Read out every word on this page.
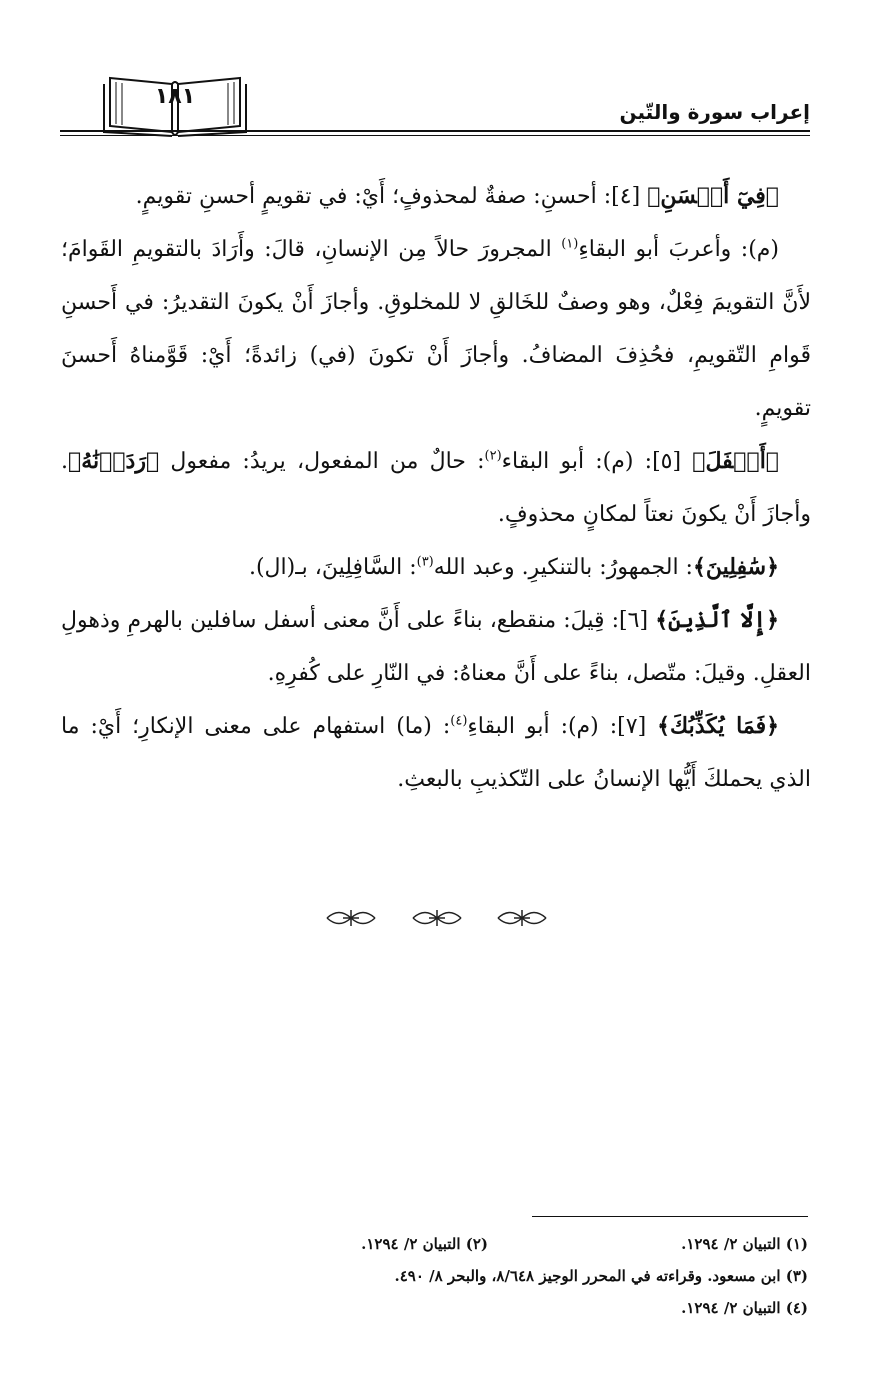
١٨١
إعراب سورة والتّين

﴿فِيٓ أَحۡسَنِ﴾ [٤]: أحسنِ: صفةٌ لمحذوفٍ؛ أَيْ: في تقويمٍ أحسنِ تقويمٍ.

(م): وأعربَ أبو البقاءِ$^{(١)}$ المجرورَ حالاً مِن الإنسانِ، قالَ: وأَرَادَ بالتقويمِ القَوامَ؛ لأَنَّ التقويمَ فِعْلٌ، وهو وصفٌ للخَالقِ لا للمخلوقِ. وأجازَ أَنْ يكونَ التقديرُ: في أَحسنِ قَوامِ التّقويمِ، فحُذِفَ المضافُ. وأجازَ أَنْ تكونَ (في) زائدةً؛ أَيْ: قَوَّمناهُ أَحسنَ تقويمٍ.

﴿أَسۡفَلَ﴾ [٥]: (م): أبو البقاء$^{(٢)}$: حالٌ من المفعول، يريدُ: مفعول ﴿رَدَدۡنَٰهُ﴾. وأجازَ أَنْ يكونَ نعتاً لمكانٍ محذوفٍ.

﴿سَٰفِلِينَ﴾: الجمهورُ: بالتنكيرِ. وعبد الله$^{(٣)}$: السَّافِلِينَ، بـ(ال).

﴿إِلَّا ٱلَّذِينَ﴾ [٦]: قِيلَ: منقطع، بناءً على أَنَّ معنى أسفل سافلين بالهرمِ وذهولِ العقلِ. وقيلَ: متّصل، بناءً على أَنَّ معناهُ: في النّارِ على كُفرِهِ.

﴿فَمَا يُكَذِّبُكَ﴾ [٧]: (م): أبو البقاءِ$^{(٤)}$: (ما) استفهام على معنى الإنكارِ؛ أَيْ: ما الذي يحملكَ أَيُّها الإنسانُ على التّكذيبِ بالبعثِ.

(١) التبيان ٢/ ١٢٩٤.
(٢) التبيان ٢/ ١٢٩٤.
(٣) ابن مسعود. وقراءته في المحرر الوجيز ٨/٦٤٨، والبحر ٨/ ٤٩٠.
(٤) التبيان ٢/ ١٢٩٤.
